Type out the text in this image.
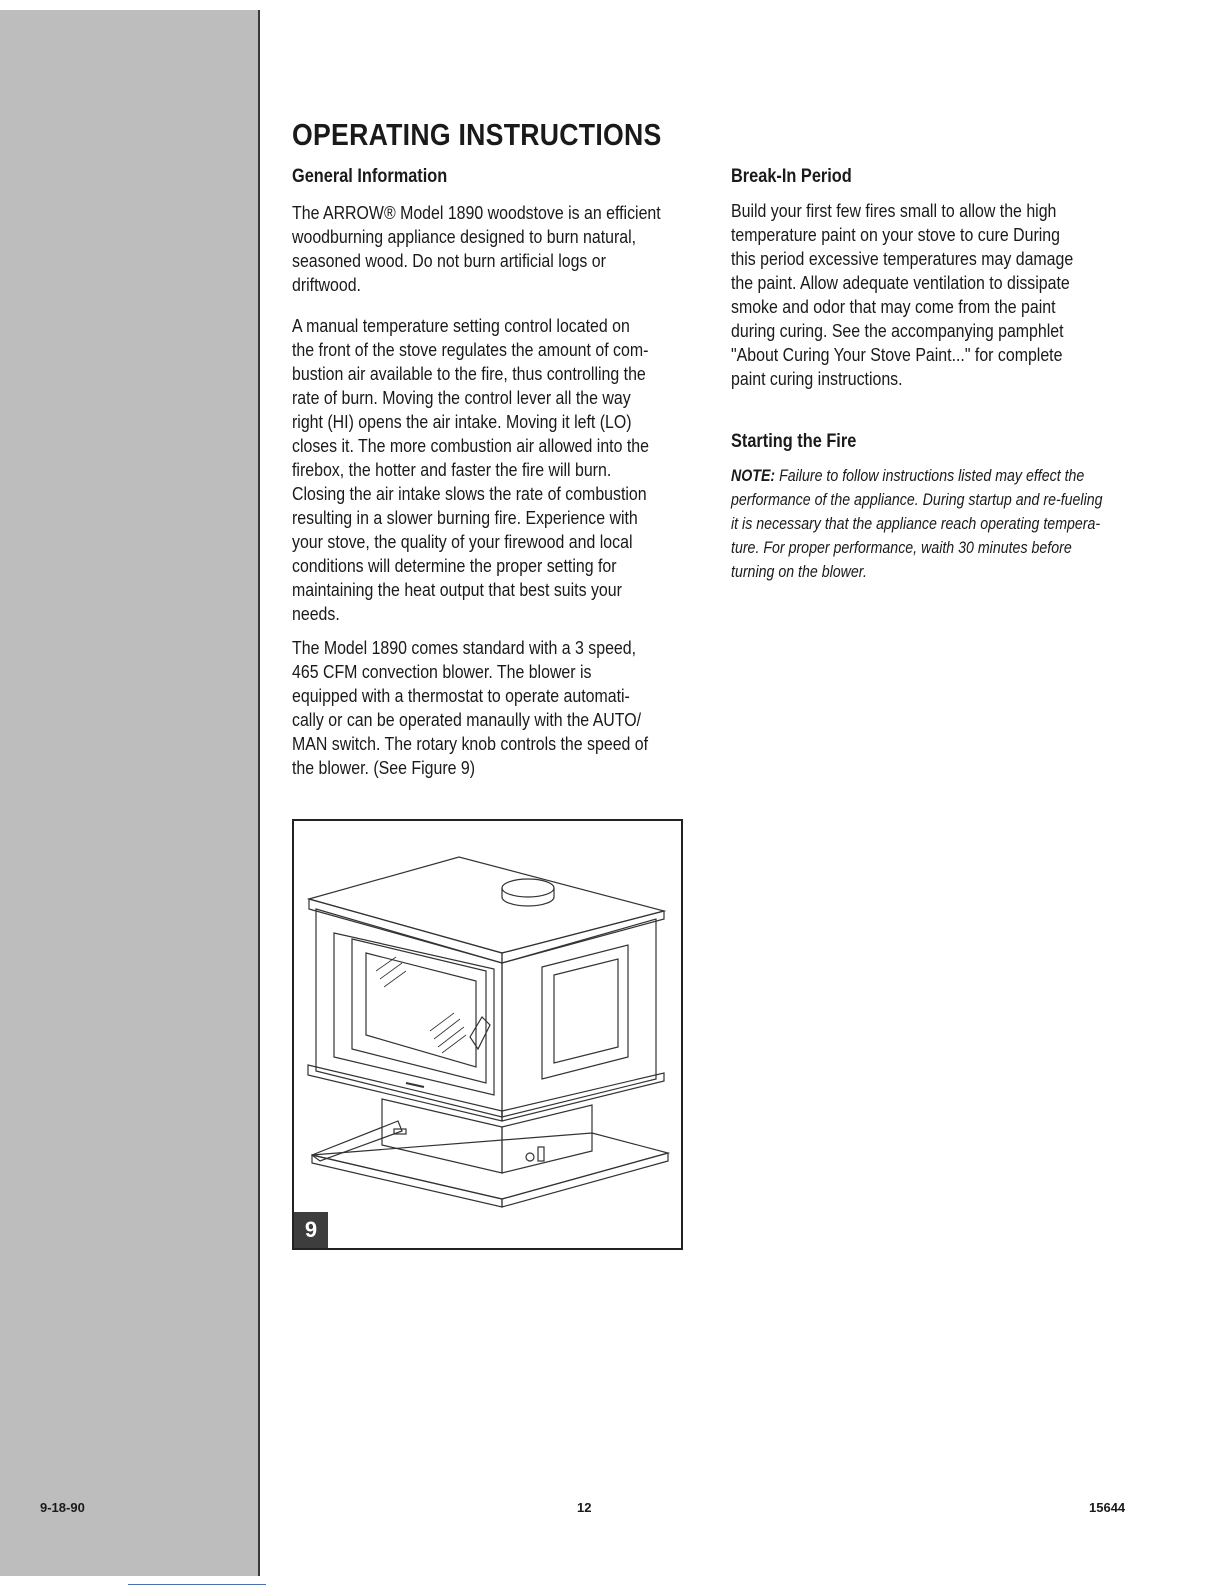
OPERATING INSTRUCTIONS
General Information

The ARROW® Model 1890 woodstove is an efficient
woodburning appliance designed to burn natural,
seasoned wood. Do not burn artificial logs or
driftwood.

A manual temperature setting control located on
the front of the stove regulates the amount of com-
bustion air available to the fire, thus controlling the
rate of burn. Moving the control lever all the way
right (HI) opens the air intake. Moving it left (LO)
closes it. The more combustion air allowed into the
firebox, the hotter and faster the fire will burn.
Closing the air intake slows the rate of combustion
resulting in a slower burning fire. Experience with
your stove, the quality of your firewood and local
conditions will determine the proper setting for
maintaining the heat output that best suits your
needs.

The Model 1890 comes standard with a 3 speed,
465 CFM convection blower. The blower is
equipped with a thermostat to operate automati-
cally or can be operated manaully with the AUTO/
MAN switch. The rotary knob controls the speed of
the blower. (See Figure 9)

Break-In Period

Build your first few fires small to allow the high
temperature paint on your stove to cure During
this period excessive temperatures may damage
the paint. Allow adequate ventilation to dissipate
smoke and odor that may come from the paint
during curing. See the accompanying pamphlet
"About Curing Your Stove Paint..." for complete
paint curing instructions.

Starting the Fire

NOTE: Failure to follow instructions listed may effect the
performance of the appliance. During startup and re-fueling
it is necessary that the appliance reach operating tempera-
ture. For proper performance, waith 30 minutes before
turning on the blower.

9

9-18-90	12	15644
